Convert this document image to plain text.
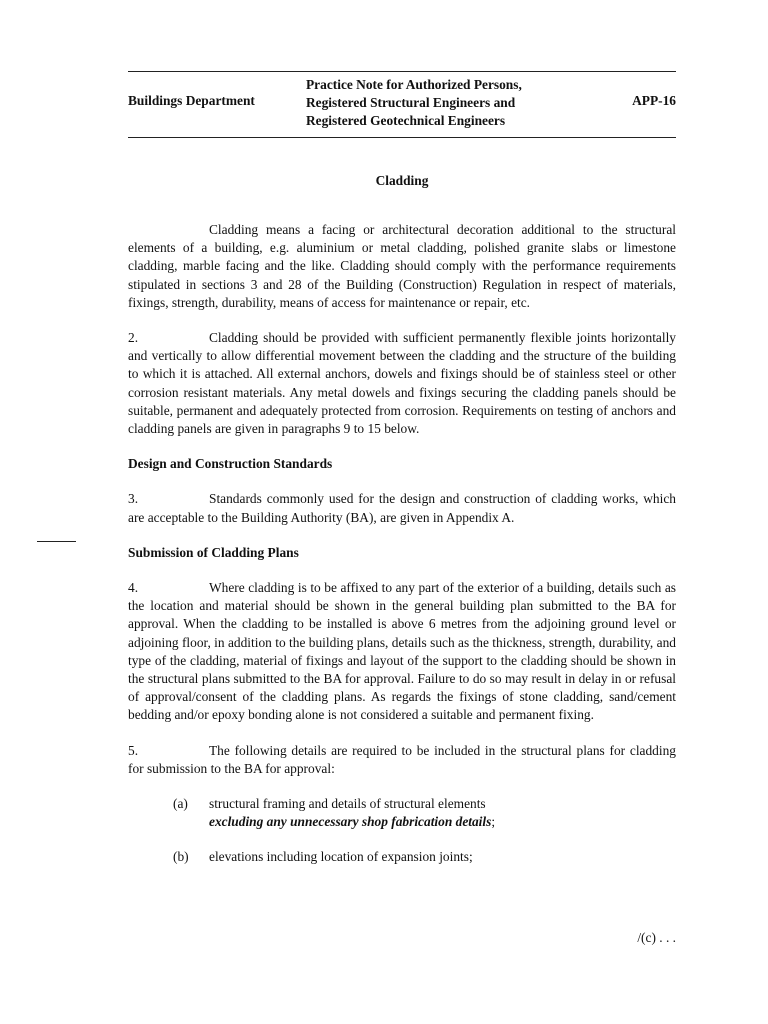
Buildings Department
Practice Note for Authorized Persons,
Registered Structural Engineers and
Registered Geotechnical Engineers
APP-16
Cladding

Cladding means a facing or architectural decoration additional to the structural elements of a building, e.g. aluminium or metal cladding, polished granite slabs or limestone cladding, marble facing and the like. Cladding should comply with the performance requirements stipulated in sections 3 and 28 of the Building (Construction) Regulation in respect of materials, fixings, strength, durability, means of access for maintenance or repair, etc.

2.	Cladding should be provided with sufficient permanently flexible joints horizontally and vertically to allow differential movement between the cladding and the structure of the building to which it is attached. All external anchors, dowels and fixings should be of stainless steel or other corrosion resistant materials. Any metal dowels and fixings securing the cladding panels should be suitable, permanent and adequately protected from corrosion. Requirements on testing of anchors and cladding panels are given in paragraphs 9 to 15 below.

Design and Construction Standards

3.	Standards commonly used for the design and construction of cladding works, which are acceptable to the Building Authority (BA), are given in Appendix A.

Submission of Cladding Plans

4.	Where cladding is to be affixed to any part of the exterior of a building, details such as the location and material should be shown in the general building plan submitted to the BA for approval. When the cladding to be installed is above 6 metres from the adjoining ground level or adjoining floor, in addition to the building plans, details such as the thickness, strength, durability, and type of the cladding, material of fixings and layout of the support to the cladding should be shown in the structural plans submitted to the BA for approval. Failure to do so may result in delay in or refusal of approval/consent of the cladding plans. As regards the fixings of stone cladding, sand/cement bedding and/or epoxy bonding alone is not considered a suitable and permanent fixing.

5.	The following details are required to be included in the structural plans for cladding for submission to the BA for approval:

(a) structural framing and details of structural elements
excluding any unnecessary shop fabrication details;
(b) elevations including location of expansion joints;
/(c) . . .
